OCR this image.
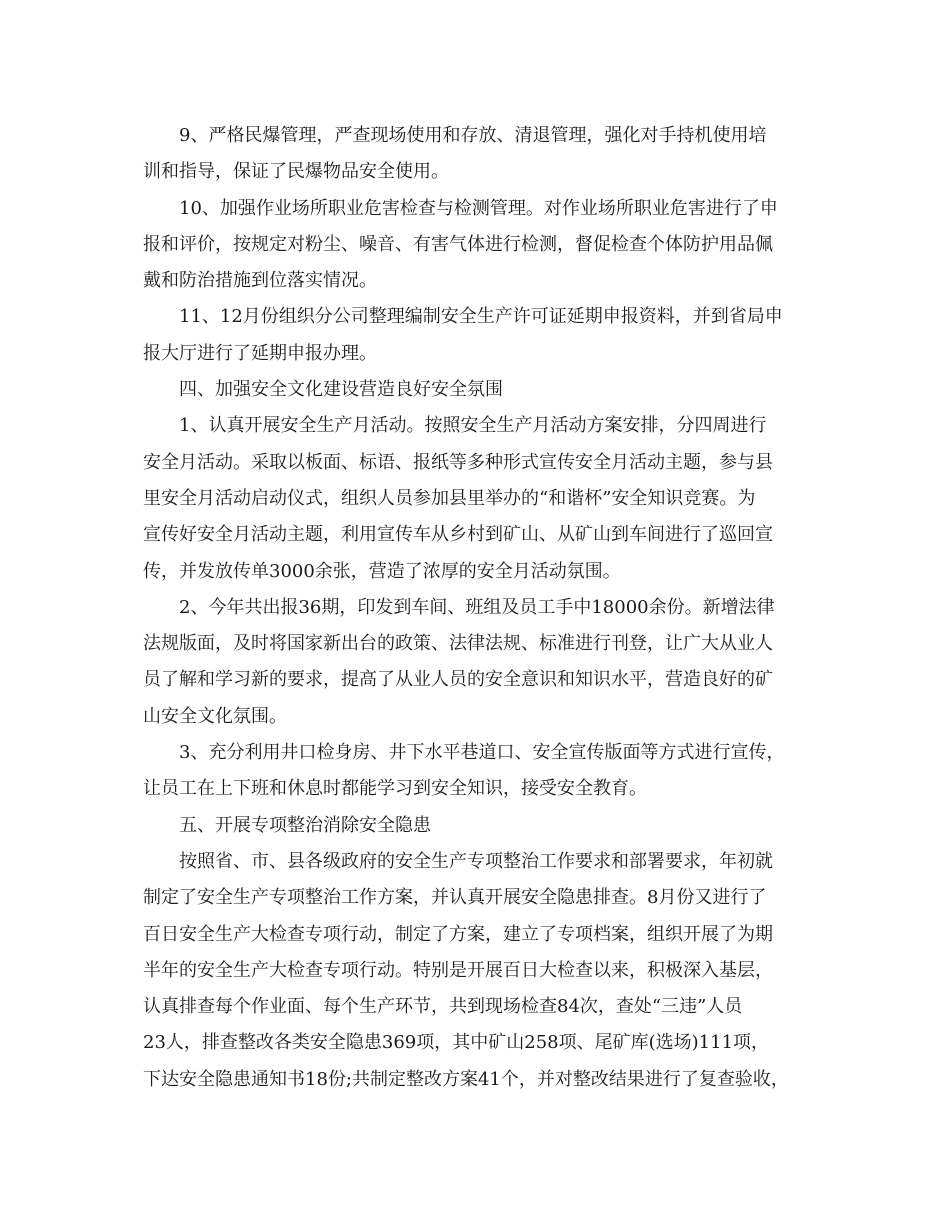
9、严格民爆管理，严查现场使用和存放、清退管理，强化对手持机使用培
训和指导，保证了民爆物品安全使用。

10、加强作业场所职业危害检查与检测管理。对作业场所职业危害进行了申
报和评价，按规定对粉尘、噪音、有害气体进行检测，督促检查个体防护用品佩
戴和防治措施到位落实情况。

11、12月份组织分公司整理编制安全生产许可证延期申报资料，并到省局申
报大厅进行了延期申报办理。

四、加强安全文化建设营造良好安全氛围

1、认真开展安全生产月活动。按照安全生产月活动方案安排，分四周进行
安全月活动。采取以板面、标语、报纸等多种形式宣传安全月活动主题，参与县
里安全月活动启动仪式，组织人员参加县里举办的“和谐杯”安全知识竞赛。为
宣传好安全月活动主题，利用宣传车从乡村到矿山、从矿山到车间进行了巡回宣
传，并发放传单3000余张，营造了浓厚的安全月活动氛围。

2、今年共出报36期，印发到车间、班组及员工手中18000余份。新增法律
法规版面，及时将国家新出台的政策、法律法规、标准进行刊登，让广大从业人
员了解和学习新的要求，提高了从业人员的安全意识和知识水平，营造良好的矿
山安全文化氛围。

3、充分利用井口检身房、井下水平巷道口、安全宣传版面等方式进行宣传，
让员工在上下班和休息时都能学习到安全知识，接受安全教育。

五、开展专项整治消除安全隐患

按照省、市、县各级政府的安全生产专项整治工作要求和部署要求，年初就
制定了安全生产专项整治工作方案，并认真开展安全隐患排查。8月份又进行了
百日安全生产大检查专项行动，制定了方案，建立了专项档案，组织开展了为期
半年的安全生产大检查专项行动。特别是开展百日大检查以来，积极深入基层，
认真排查每个作业面、每个生产环节，共到现场检查84次，查处“三违”人员
23人，排查整改各类安全隐患369项，其中矿山258项、尾矿库(选场)111项，
下达安全隐患通知书18份;共制定整改方案41个，并对整改结果进行了复查验收，
